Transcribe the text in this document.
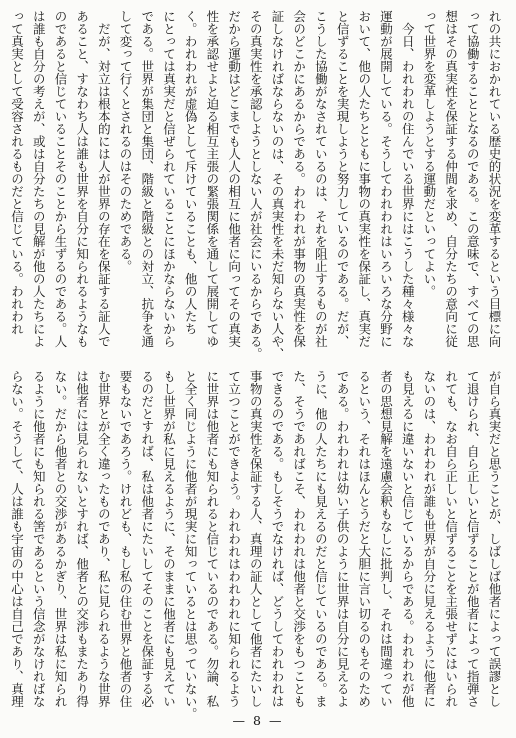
れの共におかれている歴史的状況を変革するという目標に向
って協働することとなるのである。この意味で、すべての思
想はその真実性を保証する仲間を求め、自分たちの意向に従
って世界を変革しようとする運動だといってよい。
　今日、われわれの住んでいる世界にはこうした種々様々な
運動が展開している。そうしてわれわれはいろいろな分野に
おいて、他の人たちとともに事物の真実性を保証し、真実だ
と信ずることを実現しようと努力しているのである。だが、
こうした協働がなされているのは、それを阻止するものが社
会のどこかにあるからである。われわれが事物の真実性を保
証しなければならないのは、その真実性を未だ知らない人や、
その真実性を承認しようとしない人が社会にいるからである。
だから運動はどこまでも人人の相互に他者に向ってその真実
性を承認せよと迫る相互主張の緊張関係を通して展開してゆ
く。われわれが虚偽として斥けていることも、他の人たち
にとっては真実だと信ぜられていることにほかならないから
である。世界が集団と集団、階級と階級との対立、抗争を通
して変って行くとされるのはそのためである。
　だが、対立は根本的には人が世界の存在を保証する証人で
あること、すなわち人は誰も世界を自分に知られるようなも
のであると信じていることそのことから生ずるのである。人
は誰も自分の考えが、或は自分たちの見解が他の人たちによ
って真実として受容されるものだと信じている。われわれ
が自ら真実だと思うことが、しばしば他者によって誤謬とし
て退けられ、自ら正しいと信ずることが他者によって指弾さ
れても、なお自ら正しいと信ずることを主張せずにはいられ
ないのは、われわれが誰も世界が自分に見えるように他者に
も見えるに違いないと信じているからである。われわれが他
者の思想見解を遠慮会釈もなしに批判し、それは間違ってい
るという、それはほんとうだと大胆に言い切るのもそのため
である。われわれは幼い子供のように世界は自分に見えるよ
うに、他の人たちにも見えるのだと信じているのである。ま
た、そうであればこそ、われわれは他者と交渉をもつことも
できるのである。もしそうでなければ、どうしてわれわれは
事物の真実性を保証する人、真理の証人として他者にたいし
て立つことができよう。われわれはわれわれに知られるよう
に世界は他者にも知られると信じているのである。勿論、私
と全く同じように他者が現実に知っているとは思っていない。
もし世界が私に見えるように、そのままに他者にも見えてい
るのだとすれば、私は他者にたいしてそのことを保証する必
要もないであろう。けれども、もし私の住む世界と他者の住
む世界とが全く違ったものであり、私に見られるような世界
は他者には見られないとすれば、他者との交渉もまたあり得
ない。だから他者との交渉があるかぎり、世界は私に知られ
るように他者にも知られる筈であるという信念がなければな
らない。そうして、人は誰も宇宙の中心は自己であり、真理
— 8 —
